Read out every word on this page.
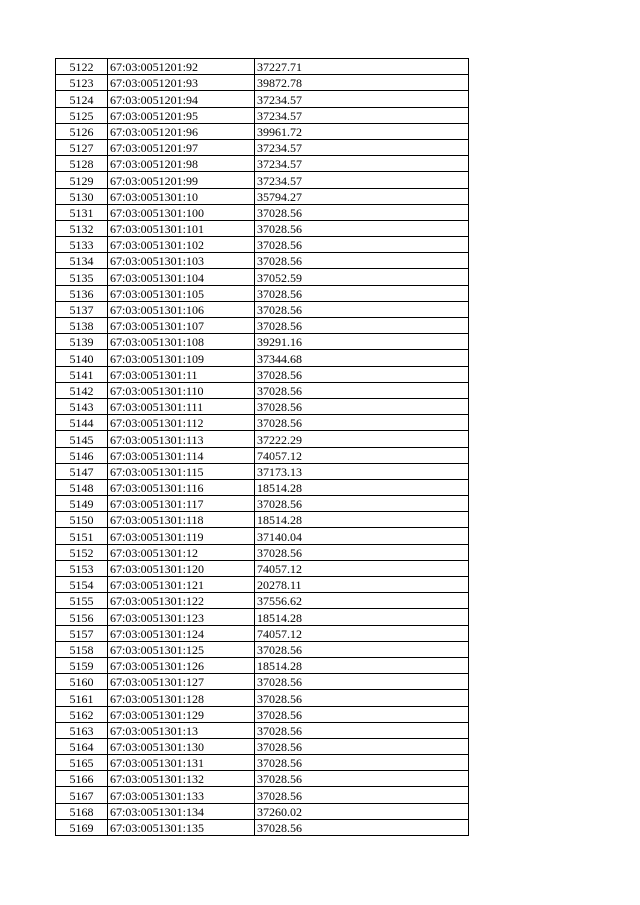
5122	67:03:0051201:92	37227.71
5123	67:03:0051201:93	39872.78
5124	67:03:0051201:94	37234.57
5125	67:03:0051201:95	37234.57
5126	67:03:0051201:96	39961.72
5127	67:03:0051201:97	37234.57
5128	67:03:0051201:98	37234.57
5129	67:03:0051201:99	37234.57
5130	67:03:0051301:10	35794.27
5131	67:03:0051301:100	37028.56
5132	67:03:0051301:101	37028.56
5133	67:03:0051301:102	37028.56
5134	67:03:0051301:103	37028.56
5135	67:03:0051301:104	37052.59
5136	67:03:0051301:105	37028.56
5137	67:03:0051301:106	37028.56
5138	67:03:0051301:107	37028.56
5139	67:03:0051301:108	39291.16
5140	67:03:0051301:109	37344.68
5141	67:03:0051301:11	37028.56
5142	67:03:0051301:110	37028.56
5143	67:03:0051301:111	37028.56
5144	67:03:0051301:112	37028.56
5145	67:03:0051301:113	37222.29
5146	67:03:0051301:114	74057.12
5147	67:03:0051301:115	37173.13
5148	67:03:0051301:116	18514.28
5149	67:03:0051301:117	37028.56
5150	67:03:0051301:118	18514.28
5151	67:03:0051301:119	37140.04
5152	67:03:0051301:12	37028.56
5153	67:03:0051301:120	74057.12
5154	67:03:0051301:121	20278.11
5155	67:03:0051301:122	37556.62
5156	67:03:0051301:123	18514.28
5157	67:03:0051301:124	74057.12
5158	67:03:0051301:125	37028.56
5159	67:03:0051301:126	18514.28
5160	67:03:0051301:127	37028.56
5161	67:03:0051301:128	37028.56
5162	67:03:0051301:129	37028.56
5163	67:03:0051301:13	37028.56
5164	67:03:0051301:130	37028.56
5165	67:03:0051301:131	37028.56
5166	67:03:0051301:132	37028.56
5167	67:03:0051301:133	37028.56
5168	67:03:0051301:134	37260.02
5169	67:03:0051301:135	37028.56
